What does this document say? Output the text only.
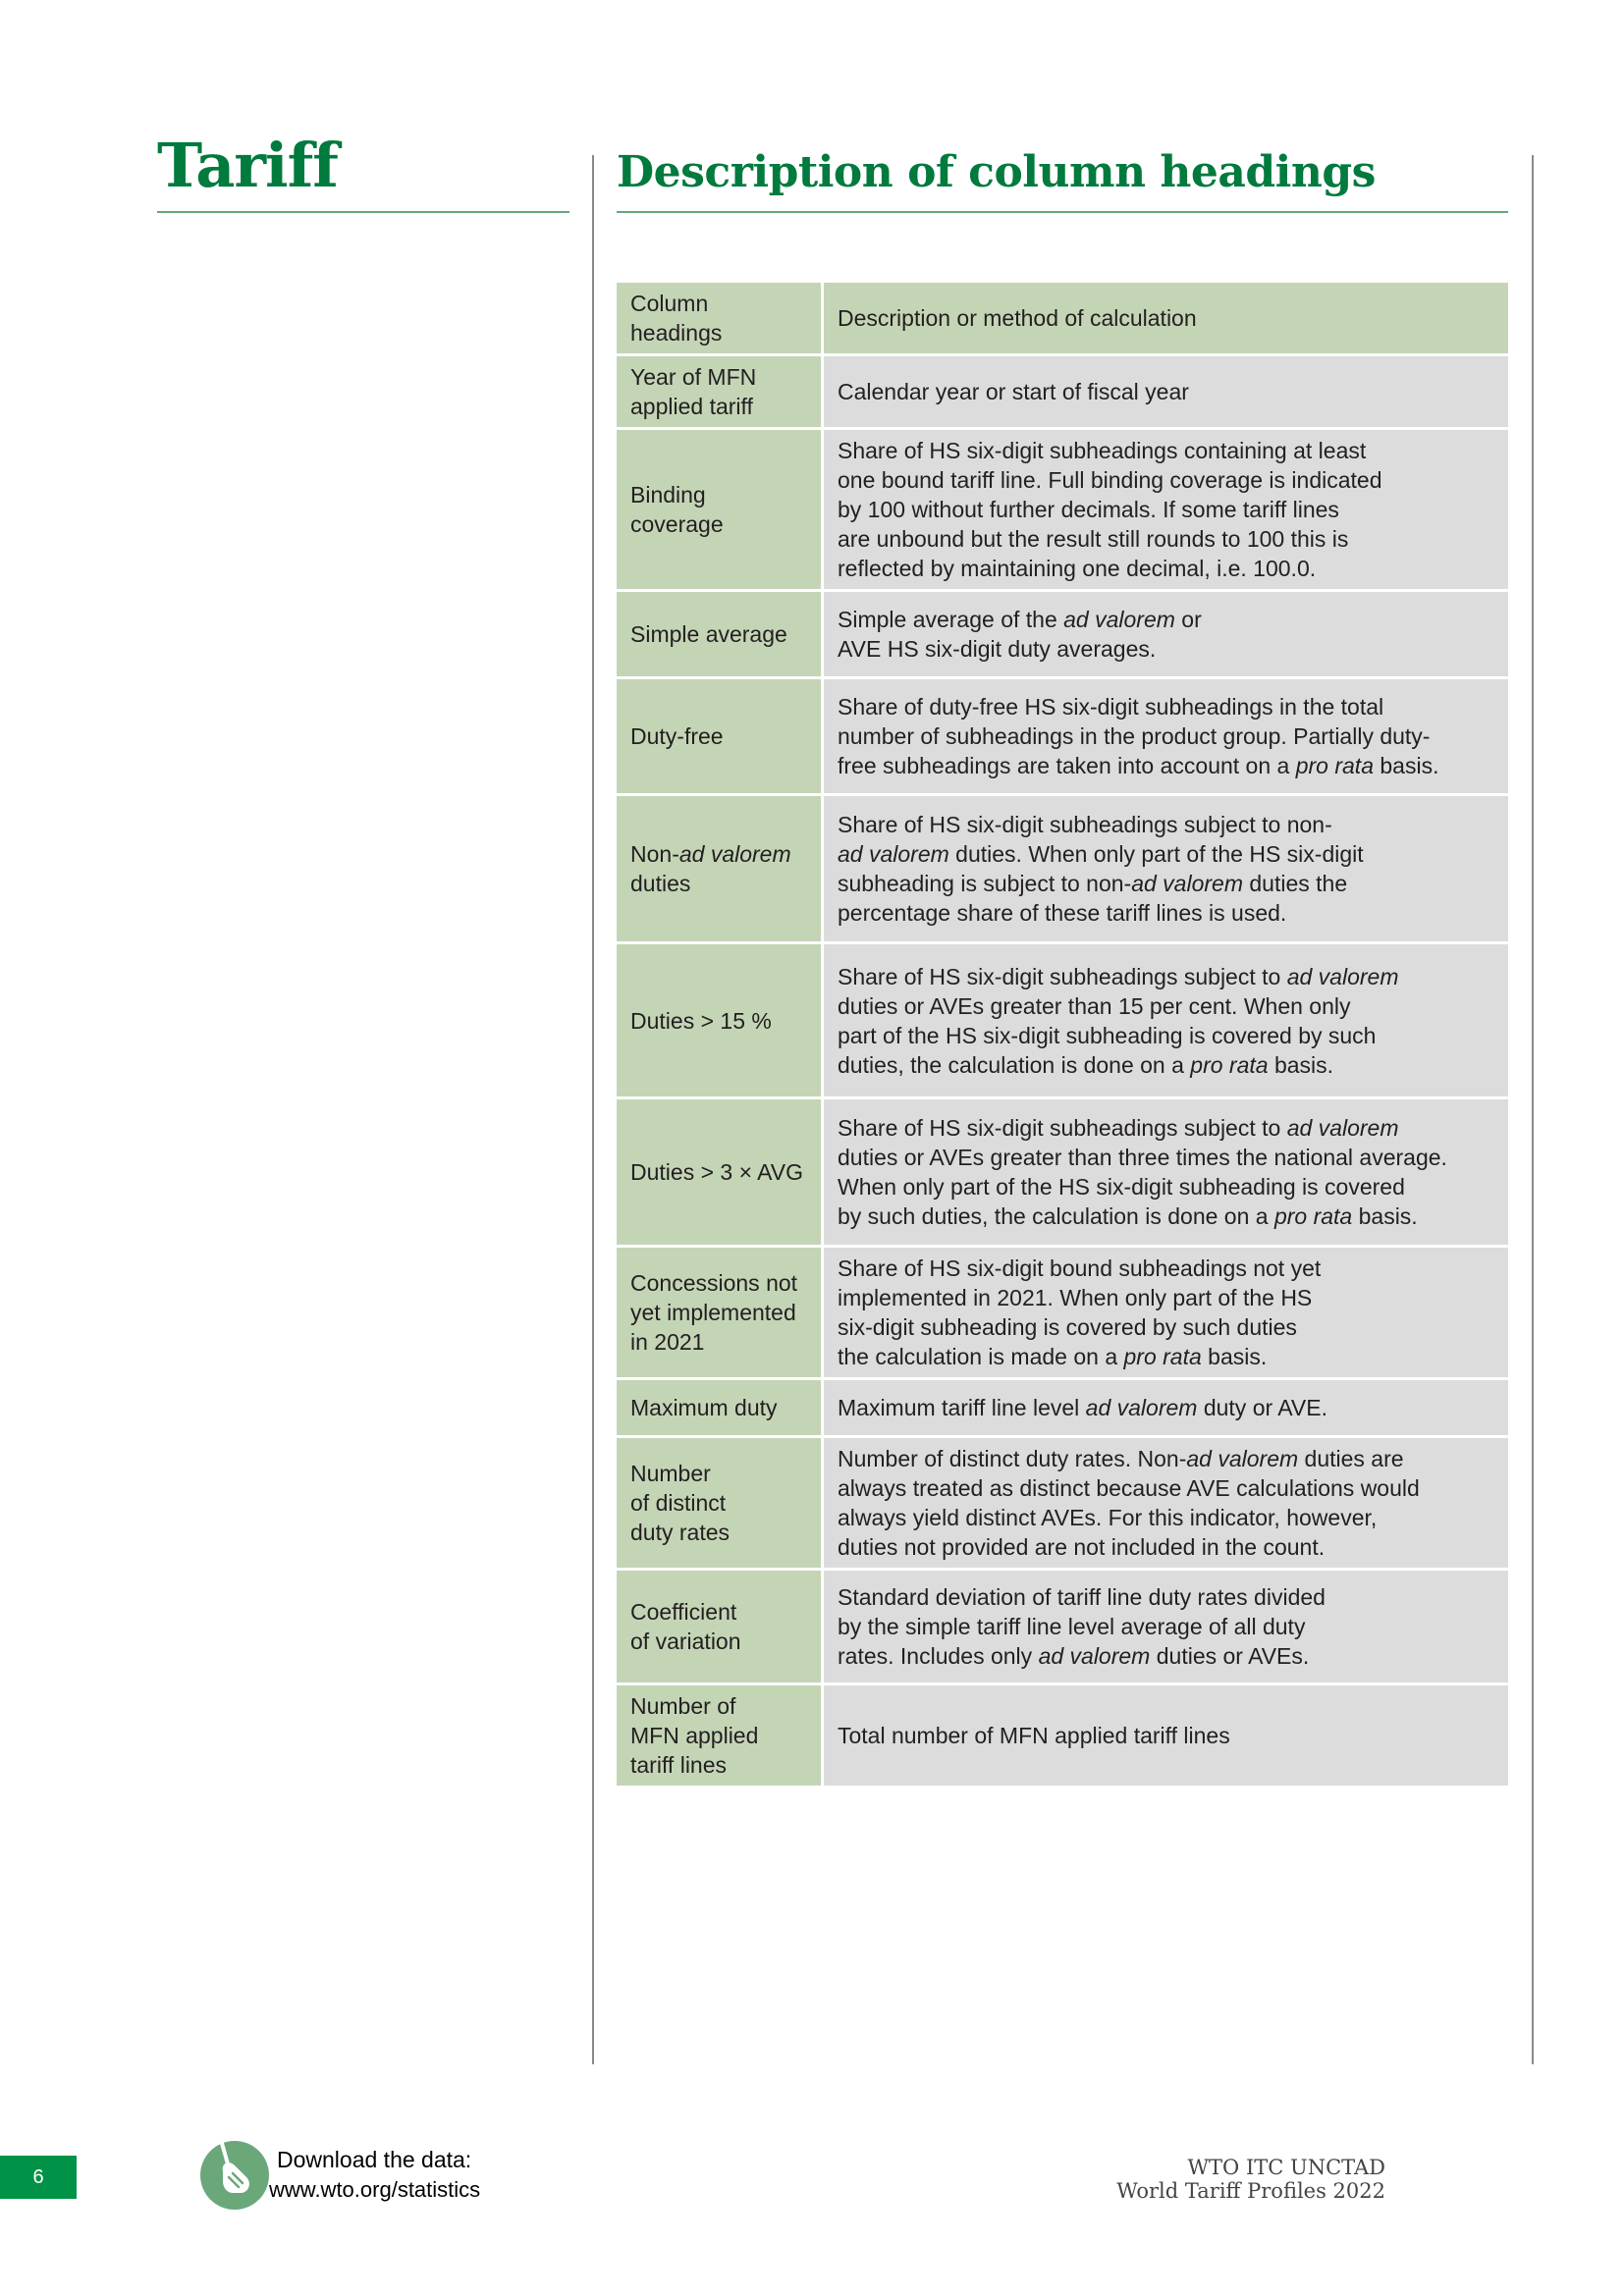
Tariff	Description of column headings
Column
headings
Description or method of calculation
Year of MFN
applied tariff
Calendar year or start of fiscal year
Binding
coverage
Share of HS six-digit subheadings containing at least
one bound tariff line. Full binding coverage is indicated
by 100 without further decimals. If some tariff lines
are unbound but the result still rounds to 100 this is
reflected by maintaining one decimal, i.e. 100.0.
Simple average
Simple average of the ad valorem or
AVE HS six-digit duty averages.
Duty-free
Share of duty-free HS six-digit subheadings in the total
number of subheadings in the product group. Partially duty-
free subheadings are taken into account on a pro rata basis.
Non-ad valorem
duties
Share of HS six-digit subheadings subject to non-
ad valorem duties. When only part of the HS six-digit
subheading is subject to non-ad valorem duties the
percentage share of these tariff lines is used.
Duties > 15 %
Share of HS six-digit subheadings subject to ad valorem
duties or AVEs greater than 15 per cent. When only
part of the HS six-digit subheading is covered by such
duties, the calculation is done on a pro rata basis.
Duties > 3 × AVG
Share of HS six-digit subheadings subject to ad valorem
duties or AVEs greater than three times the national average.
When only part of the HS six-digit subheading is covered
by such duties, the calculation is done on a pro rata basis.
Concessions not
yet implemented
in 2021
Share of HS six-digit bound subheadings not yet
implemented in 2021. When only part of the HS
six-digit subheading is covered by such duties
the calculation is made on a pro rata basis.
Maximum duty	Maximum tariff line level ad valorem duty or AVE.
Number
of distinct
duty rates
Number of distinct duty rates. Non-ad valorem duties are
always treated as distinct because AVE calculations would
always yield distinct AVEs. For this indicator, however,
duties not provided are not included in the count.
Coefficient
of variation
Standard deviation of tariff line duty rates divided
by the simple tariff line level average of all duty
rates. Includes only ad valorem duties or AVEs.
Number of
MFN applied
tariff lines
Total number of MFN applied tariff lines
6
Download the data:
www.wto.org/statistics
WTO ITC UNCTAD
World Tariff Profiles 2022
